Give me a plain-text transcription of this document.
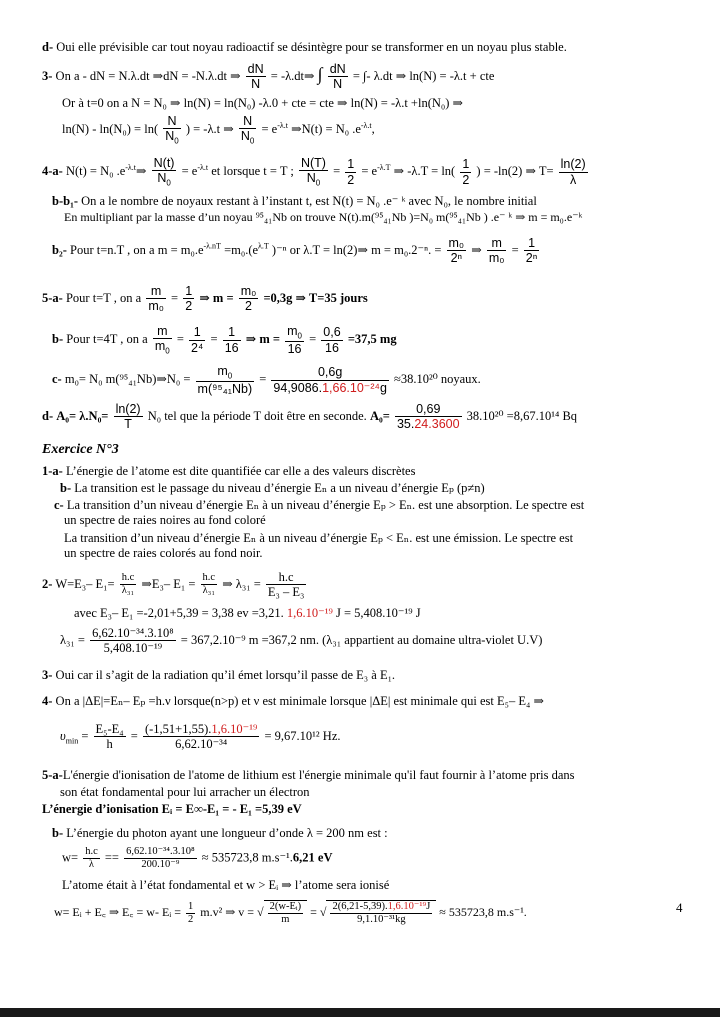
d- Oui elle prévisible car tout noyau radioactif se désintègre pour se transformer en un noyau plus stable.
3- On a - dN = N.λ.dt ⇒dN = -N.λ.dt ⇒ $\frac{dN}{N}$ = -λ.dt⇒ ∫ $\frac{dN}{N}$ = ∫- λ.dt ⇒ ln(N) = -λ.t + cte
Or à t=0 on a N = N₀ ⇒ ln(N) = ln(N₀) -λ.0 + cte = cte ⇒ ln(N) = -λ.t +ln(N₀) ⇒
$\ln(N) - \ln(N_0) = \ln( \frac{N}{N_0}$ ) = -λ.t ⇒ $\frac{N}{N_0} = e^{-\lambda.t}$ ⇒N(t) = N₀ $.e^{-\lambda.t}$,
4-a- N(t) = N₀ $.e^{-\lambda.t}\Rightarrow \frac{N(t)}{N_0} = e^{-\lambda.t}$ et lorsque t = T ; $\frac{N(T)}{N_0} = \frac{1}{2} = e^{-\lambda.T}$ ⇒ $-\lambda.T = \ln( \frac{1}{2}$ ) = -ln(2) ⇒ $T= \frac{\ln(2)}{\lambda}$
b-b₁- On a le nombre de noyaux restant à l’instant t, est N(t) = N₀ .e⁻ ᵏ avec N₀, le nombre initial
En multipliant par la masse d’un noyau ⁹⁵₄₁Nb on trouve N(t).m(⁹⁵₄₁Nb )=N₀ m(⁹⁵₄₁Nb ) .e⁻ ᵏ ⇒ m = m₀.e⁻ᵏ
b₂- Pour t=n.T , on a $m = m_0.e^{-\lambda.nT} =m_0.(e^{\lambda.T}$ )⁻ⁿ or λ.T = ln(2)⇒ m = m₀.2⁻ⁿ. = $\frac{\text{m₀}}{\text{2ⁿ}}$ ⇒ $\frac{m}{\text{m₀}} = \frac{1}{\text{2ⁿ}}$
5-a- Pour t=T , on a $\frac{m}{\text{m₀}} = \frac{1}{2}$ ⇒ $m = \frac{\text{m₀}}{2} =0,3g$ ⇒ T=35 jours
b- Pour t=4T , on a $\frac{m}{m_0} = \frac{1}{\text{2⁴}} = \frac{1}{16}$ ⇒ $m = \frac{m_0}{16} = \frac{0,6}{16} =37,5$ mg
c- m₀= N₀ m(⁹⁵₄₁Nb)⇒N₀ = $\frac{m_0}{\text{m(⁹⁵₄₁Nb)}} = \frac{0,6g}{\text{94,9086.1,66.10⁻²⁴g}} \approx 38.10^{20}$ noyaux.
d- $A_0= \lambda.N_0= \frac{\ln(2)}{T} N_0$ tel que la période T doit être en seconde. $A_0= \frac{0,69}{35.24.3600} 38.10^{20} =8,67.10^{14}$ Bq
Exercice N°3
1-a- L’énergie de l’atome est dite quantifiée car elle a des valeurs discrètes
b- La transition est le passage du niveau d’énergie Eₙ a un niveau d’énergie Eₚ (p≠n)
c- La transition d’un niveau d’énergie Eₙ à un niveau d’énergie Eₚ > Eₙ. est une absorption. Le spectre est
un spectre de raies noires au fond coloré
La transition d’un niveau d’énergie Eₙ à un niveau d’énergie Eₚ < Eₙ. est une émission. Le spectre est
un spectre de raies colorés au fond noir.
2- W=E₃– $E_1= \frac{h.c}{\text{λ₃₁}}$ ⇒E₃– $E_1 = \frac{h.c}{\text{λ₃₁}}$ ⇒ $\lambda_{31} = \frac{h.c}{\text{E₃ – E₃}}$
avec E₃– E₁ =-2,01+5,39 = 3,38 ev =3,21. 1,6.10⁻¹⁹ J = 5,408.10⁻¹⁹ J
$\lambda_{31} = \frac{\text{6,62.10⁻³⁴.3.10⁸}}{\text{5,408.10⁻¹⁹}} = 367,2.10^{-9}$ m =367,2 nm. (λ₃₁ appartient au domaine ultra-violet U.V)
3- Oui car il s’agit de la radiation qu’il émet lorsqu’il passe de E₃ à E₁.
4- On a |ΔE|=Eₙ– Eₚ =h.ν lorsque(n>p) et ν est minimale lorsque |ΔE| est minimale qui est E₅– E₄ ⇒
$\upsilon_{min} = \frac{\text{E₅-E₄}}{h} = \frac{\text{(-1,51+1,55).1,6.10⁻¹⁹}}{\text{6,62.10⁻³⁴}} = 9,67.10^{12}$ Hz.
5-a-L'énergie d'ionisation de l'atome de lithium est l'énergie minimale qu'il faut fournir à l’atome pris dans
son état fondamental pour lui arracher un électron
L’énergie d’ionisation Eᵢ = E∞-E₁ = - E₁ =5,39 eV
b- L’énergie du photon ayant une longueur d’onde λ = 200 nm est :
$w= \frac{h.c}{\lambda} == \frac{\text{6,62.10⁻³⁴.3.10⁸}}{\text{200.10⁻⁹}} \approx 535723,8$ m.s⁻¹.6,21 eV
L’atome était à l’état fondamental et w > Eᵢ ⇒ l’atome sera ionisé
w= Eᵢ + E꜀ ⇒ E꜀ = w- Eᵢ = $\frac{1}{2} m.v^2$ ⇒ v = √ $\frac{\text{2(w-Eᵢ)}}{m}$ = √ $\frac{\text{2(6,21-5,39).1,6.10⁻¹⁹J}}{\text{9,1.10⁻³¹kg}} \approx 535723,8$ m.s⁻¹.	4
